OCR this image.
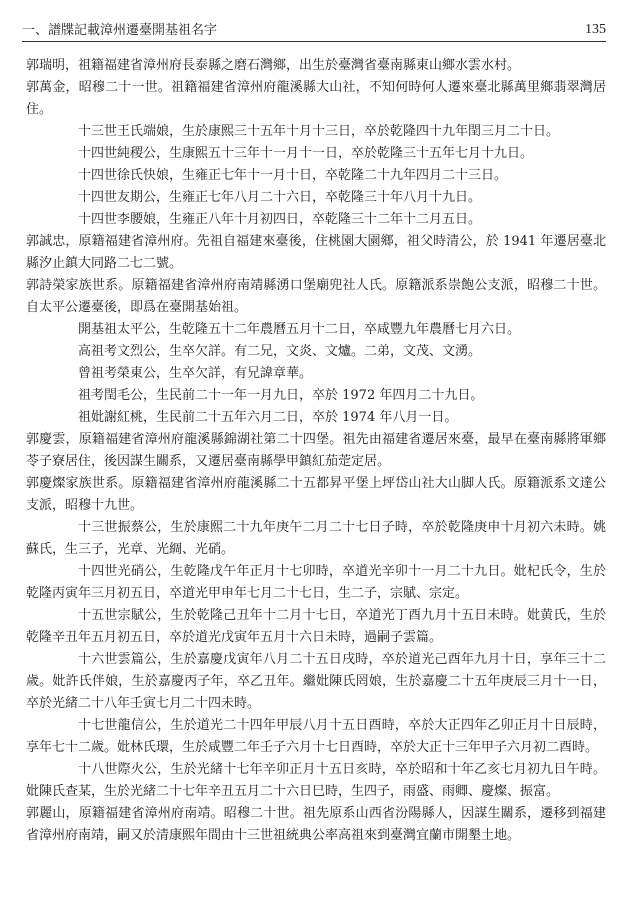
一、譜牒記載漳州遷臺開基祖名字	135

郭瑞明，祖籍福建省漳州府長泰縣之磨石灣鄉，出生於臺灣省臺南縣東山鄉水雲水村。

郭萬金，昭穆二十一世。祖籍福建省漳州府龍溪縣大山社，不知何時何人遷來臺北縣萬里鄉翡翠灣居住。

十三世王氏端娘，生於康熙三十五年十月十三日，卒於乾隆四十九年閏三月二十日。

十四世純稷公，生康熙五十三年十一月十一日，卒於乾隆三十五年七月十九日。

十四世徐氏快娘，生雍正七年十一月十日，卒乾隆二十九年四月二十三日。

十四世友期公，生雍正七年八月二十六日，卒乾隆三十年八月十九日。

十四世李腰娘，生雍正八年十月初四日，卒乾隆三十二年十二月五日。

郭誠忠，原籍福建省漳州府。先祖自福建來臺後，住桃園大園鄉，祖父時清公，於 1941 年遷居臺北縣汐止鎮大同路二七二號。

郭詩榮家族世系。原籍福建省漳州府南靖縣湧口堡廟兜社人氏。原籍派系崇飽公支派，昭穆二十世。自太平公遷臺後，即爲在臺開基始祖。

開基祖太平公，生乾隆五十二年農曆五月十二日，卒咸豐九年農曆七月六日。

高祖考文烈公，生卒欠詳。有二兄，文炎、文爐。二弟，文茂、文湧。

曾祖考榮東公，生卒欠詳，有兄諱章華。

祖考閏毛公，生民前二十一年一月九日，卒於 1972 年四月二十九日。

祖妣謝紅桃，生民前二十五年六月二日，卒於 1974 年八月一日。

郭慶雲，原籍福建省漳州府龍溪縣錦湖社第二十四堡。祖先由福建省遷居來臺，最早在臺南縣將軍鄉苓子寮居住，後因謀生關系，又遷居臺南縣學甲鎮紅茄萣定居。

郭慶燦家族世系。原籍福建省漳州府龍溪縣二十五都昇平堡上坪岱山社大山脚人氏。原籍派系文達公支派，昭穆十九世。

十三世振蔡公，生於康熙二十九年庚午二月二十七日子時，卒於乾隆庚申十月初六未時。姚蘇氏，生三子，光章、光綢、光硝。

十四世光硝公，生乾隆戊午年正月十七卯時，卒道光辛卯十一月二十九日。妣杞氏令，生於乾隆丙寅年三月初五日，卒道光甲申年七月二十七日，生二子，宗賦、宗定。

十五世宗賦公，生於乾隆己丑年十二月十七日，卒道光丁酉九月十五日未時。妣黄氏，生於乾隆辛丑年五月初五日，卒於道光戊寅年五月十六日未時，過嗣子雲篇。

十六世雲篇公，生於嘉慶戊寅年八月二十五日戌時，卒於道光己酉年九月十日，享年三十二歲。妣許氏伴娘，生於嘉慶丙子年，卒乙丑年。繼妣陳氏罔娘，生於嘉慶二十五年庚辰三月十一日，卒於光緒二十八年壬寅七月二十四未時。

十七世龍信公，生於道光二十四年甲辰八月十五日酉時，卒於大正四年乙卯正月十日辰時，享年七十二歲。妣林氏環，生於咸豐二年壬子六月十七日酉時，卒於大正十三年甲子六月初二酉時。

十八世際火公，生於光緒十七年辛卯正月十五日亥時，卒於昭和十年乙亥七月初九日午時。妣陳氏查某，生於光緒二十七年辛丑五月二十六日巳時，生四子，雨盛、雨卿、慶燦、振富。

郭麗山，原籍福建省漳州府南靖。昭穆二十世。祖先原系山西省汾陽縣人，因謀生關系，遷移到福建省漳州府南靖，嗣又於清康熙年間由十三世祖統典公率高祖來到臺灣宜蘭市開墾土地。
